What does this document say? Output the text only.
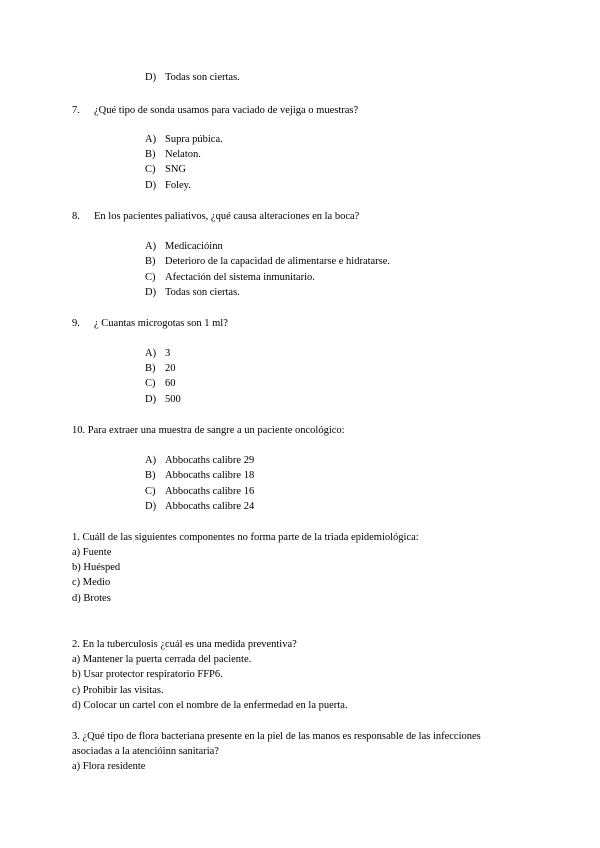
D) Todas son ciertas.
7. ¿Qué tipo de sonda usamos para vaciado de vejiga o muestras?
A) Supra púbica.
B) Nelaton.
C) SNG
D) Foley.
8. En los pacientes paliativos, ¿qué causa alteraciones en la boca?
A) Medicacióinn
B) Deterioro de la capacidad de alimentarse e hidratarse.
C) Afectación del sistema inmunitario.
D) Todas son ciertas.
9. ¿ Cuantas microgotas son 1 ml?
A) 3
B) 20
C) 60
D) 500
10. Para extraer una muestra de sangre a un paciente oncológico:
A) Abbocaths calibre 29
B) Abbocaths calibre 18
C) Abbocaths calibre 16
D) Abbocaths calibre 24
1. Cuáll de las siguientes componentes no forma parte de la triada epidemiológica:
a) Fuente
b) Huésped
c) Medio
d) Brotes
2. En la tuberculosis ¿cuál es una medida preventiva?
a) Mantener la puerta cerrada del paciente.
b) Usar protector respiratorio FFP6.
c) Prohibir las visitas.
d) Colocar un cartel con el nombre de la enfermedad en la puerta.
3. ¿Qué tipo de flora bacteriana presente en la piel de las manos es responsable de las infecciones
asociadas a la atencióinn sanitaria?
a) Flora residente
